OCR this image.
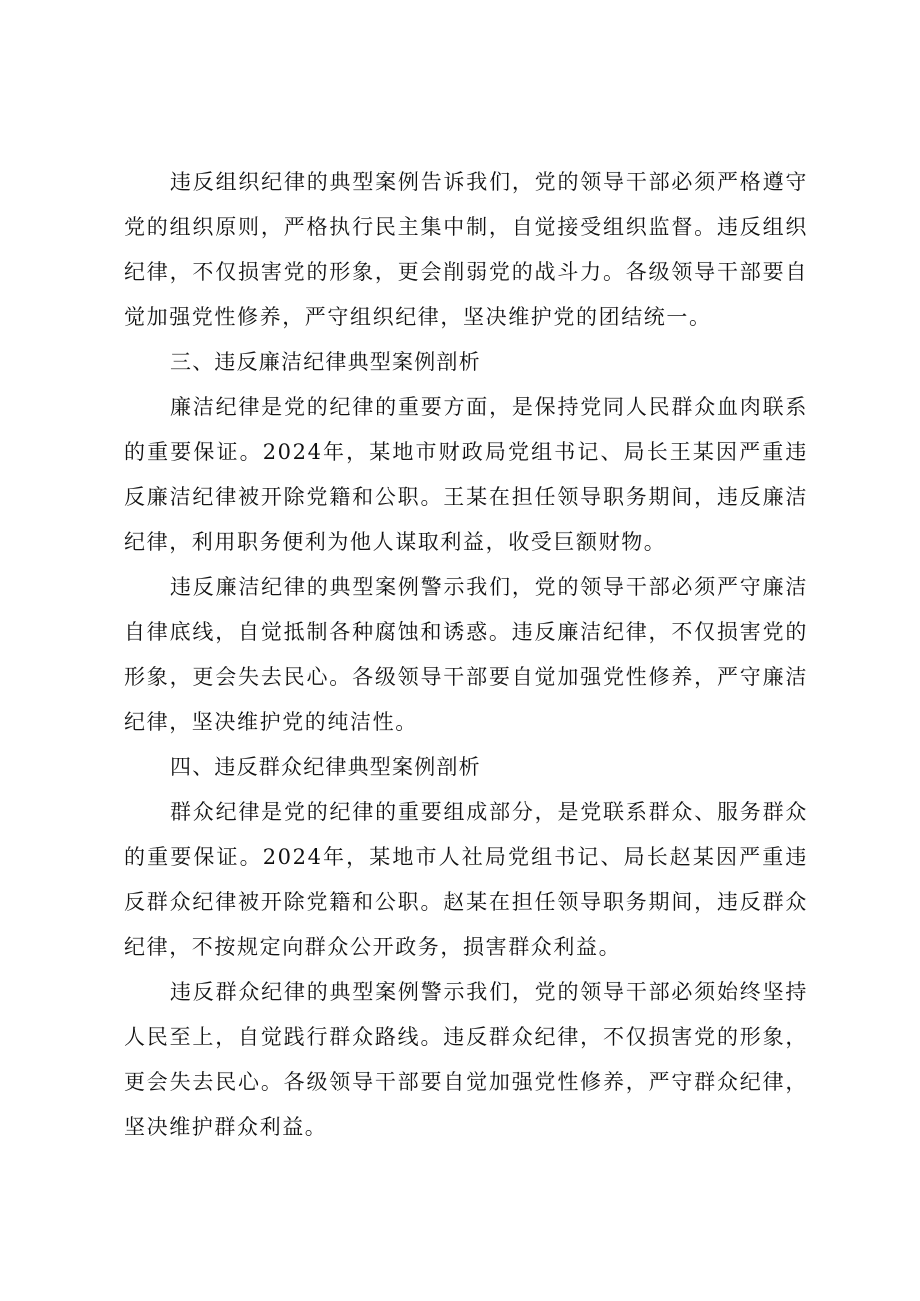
违反组织纪律的典型案例告诉我们，党的领导干部必须严格遵守党的组织原则，严格执行民主集中制，自觉接受组织监督。违反组织纪律，不仅损害党的形象，更会削弱党的战斗力。各级领导干部要自觉加强党性修养，严守组织纪律，坚决维护党的团结统一。

三、违反廉洁纪律典型案例剖析

廉洁纪律是党的纪律的重要方面，是保持党同人民群众血肉联系的重要保证。2024年，某地市财政局党组书记、局长王某因严重违反廉洁纪律被开除党籍和公职。王某在担任领导职务期间，违反廉洁纪律，利用职务便利为他人谋取利益，收受巨额财物。

违反廉洁纪律的典型案例警示我们，党的领导干部必须严守廉洁自律底线，自觉抵制各种腐蚀和诱惑。违反廉洁纪律，不仅损害党的形象，更会失去民心。各级领导干部要自觉加强党性修养，严守廉洁纪律，坚决维护党的纯洁性。

四、违反群众纪律典型案例剖析

群众纪律是党的纪律的重要组成部分，是党联系群众、服务群众的重要保证。2024年，某地市人社局党组书记、局长赵某因严重违反群众纪律被开除党籍和公职。赵某在担任领导职务期间，违反群众纪律，不按规定向群众公开政务，损害群众利益。

违反群众纪律的典型案例警示我们，党的领导干部必须始终坚持人民至上，自觉践行群众路线。违反群众纪律，不仅损害党的形象，更会失去民心。各级领导干部要自觉加强党性修养，严守群众纪律，坚决维护群众利益。
